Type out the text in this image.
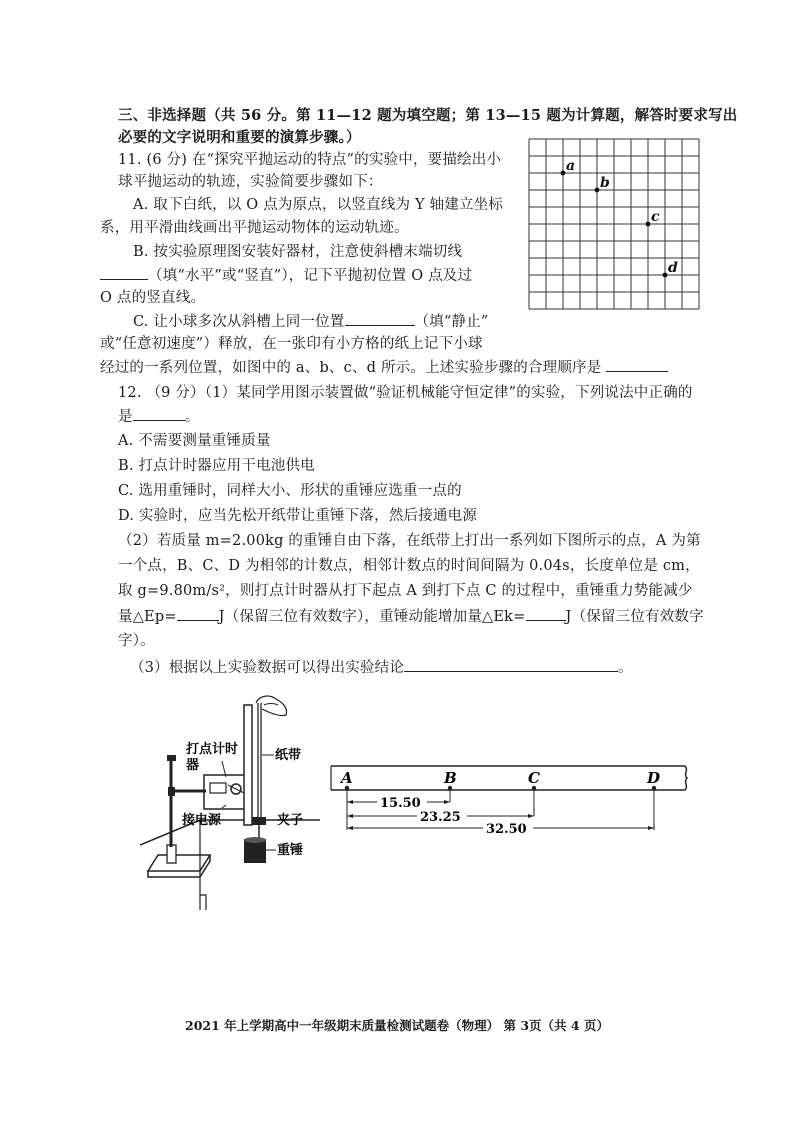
三、非选择题（共 56 分。第 11—12 题为填空题；第 13—15 题为计算题，解答时要求写出
必要的文字说明和重要的演算步骤。）
11. (6 分) 在“探究平抛运动的特点”的实验中，要描绘出小
球平抛运动的轨迹，实验简要步骤如下：
A. 取下白纸，以 O 点为原点，以竖直线为 Y 轴建立坐标
系，用平滑曲线画出平抛运动物体的运动轨迹。
B. 按实验原理图安装好器材，注意使斜槽末端切线
（填“水平”或“竖直”），记下平抛初位置 O 点及过
O 点的竖直线。
C. 让小球多次从斜槽上同一位置	（填“静止”
或“任意初速度”）释放，在一张印有小方格的纸上记下小球
经过的一系列位置，如图中的 a、b、c、d 所示。上述实验步骤的合理顺序是
a
b
c
d
12. （9 分）（1）某同学用图示装置做“验证机械能守恒定律”的实验，下列说法中正确的
是	。
A. 不需要测量重锤质量
B. 打点计时器应用干电池供电
C. 选用重锤时，同样大小、形状的重锤应选重一点的
D. 实验时，应当先松开纸带让重锤下落，然后接通电源
（2）若质量 m=2.00kg 的重锤自由下落，在纸带上打出一系列如下图所示的点，A 为第
一个点，B、C、D 为相邻的计数点，相邻计数点的时间间隔为 0.04s，长度单位是 cm，
取 g=9.80m/s²，则打点计时器从打下起点 A 到打下点 C 的过程中，重锤重力势能减少
量△Ep=	J（保留三位有效数字），重锤动能增加量△Ek=	J（保留三位有效数字
字）。
（3）根据以上实验数据可以得出实验结论	。
打点计时
器
纸带
接电源	夹子
重锤
A	B	C	D
15.50
23.25
32.50
2021 年上学期高中一年级期末质量检测试题卷（物理） 第 3页（共 4 页）
